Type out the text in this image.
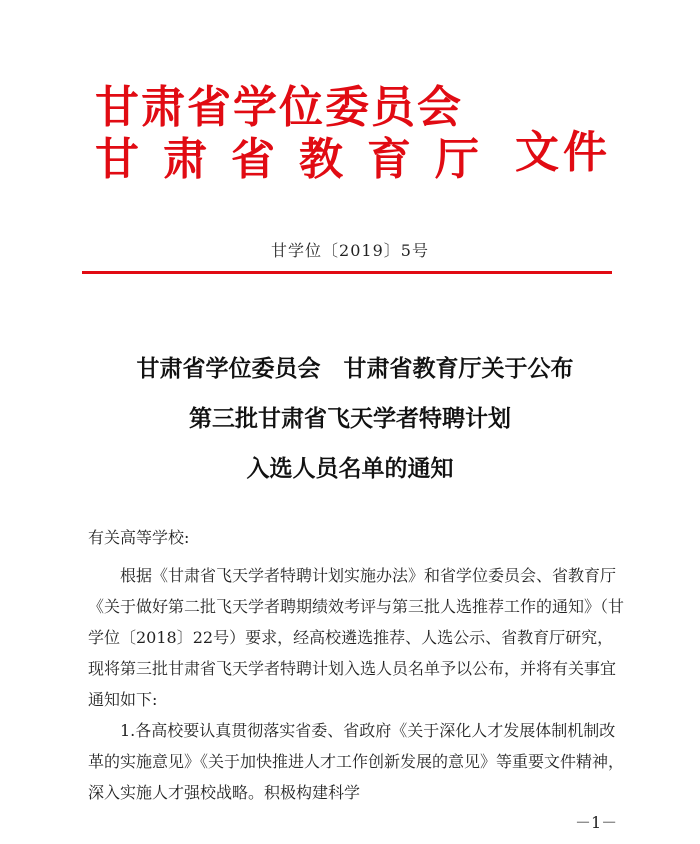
甘肃省学位委员会
甘肃省教育厅 文件
甘学位〔2019〕5号
甘肃省学位委员会　甘肃省教育厅关于公布
第三批甘肃省飞天学者特聘计划
入选人员名单的通知

有关高等学校:

根据《甘肃省飞天学者特聘计划实施办法》和省学位委员会、省教育厅《关于做好第二批飞天学者聘期绩效考评与第三批人选推荐工作的通知》（甘学位〔2018〕22号）要求，经高校遴选推荐、人选公示、省教育厅研究，现将第三批甘肃省飞天学者特聘计划入选人员名单予以公布，并将有关事宜通知如下:

1.各高校要认真贯彻落实省委、省政府《关于深化人才发展体制机制改革的实施意见》《关于加快推进人才工作创新发展的意见》等重要文件精神，深入实施人才强校战略。积极构建科学

－1－
